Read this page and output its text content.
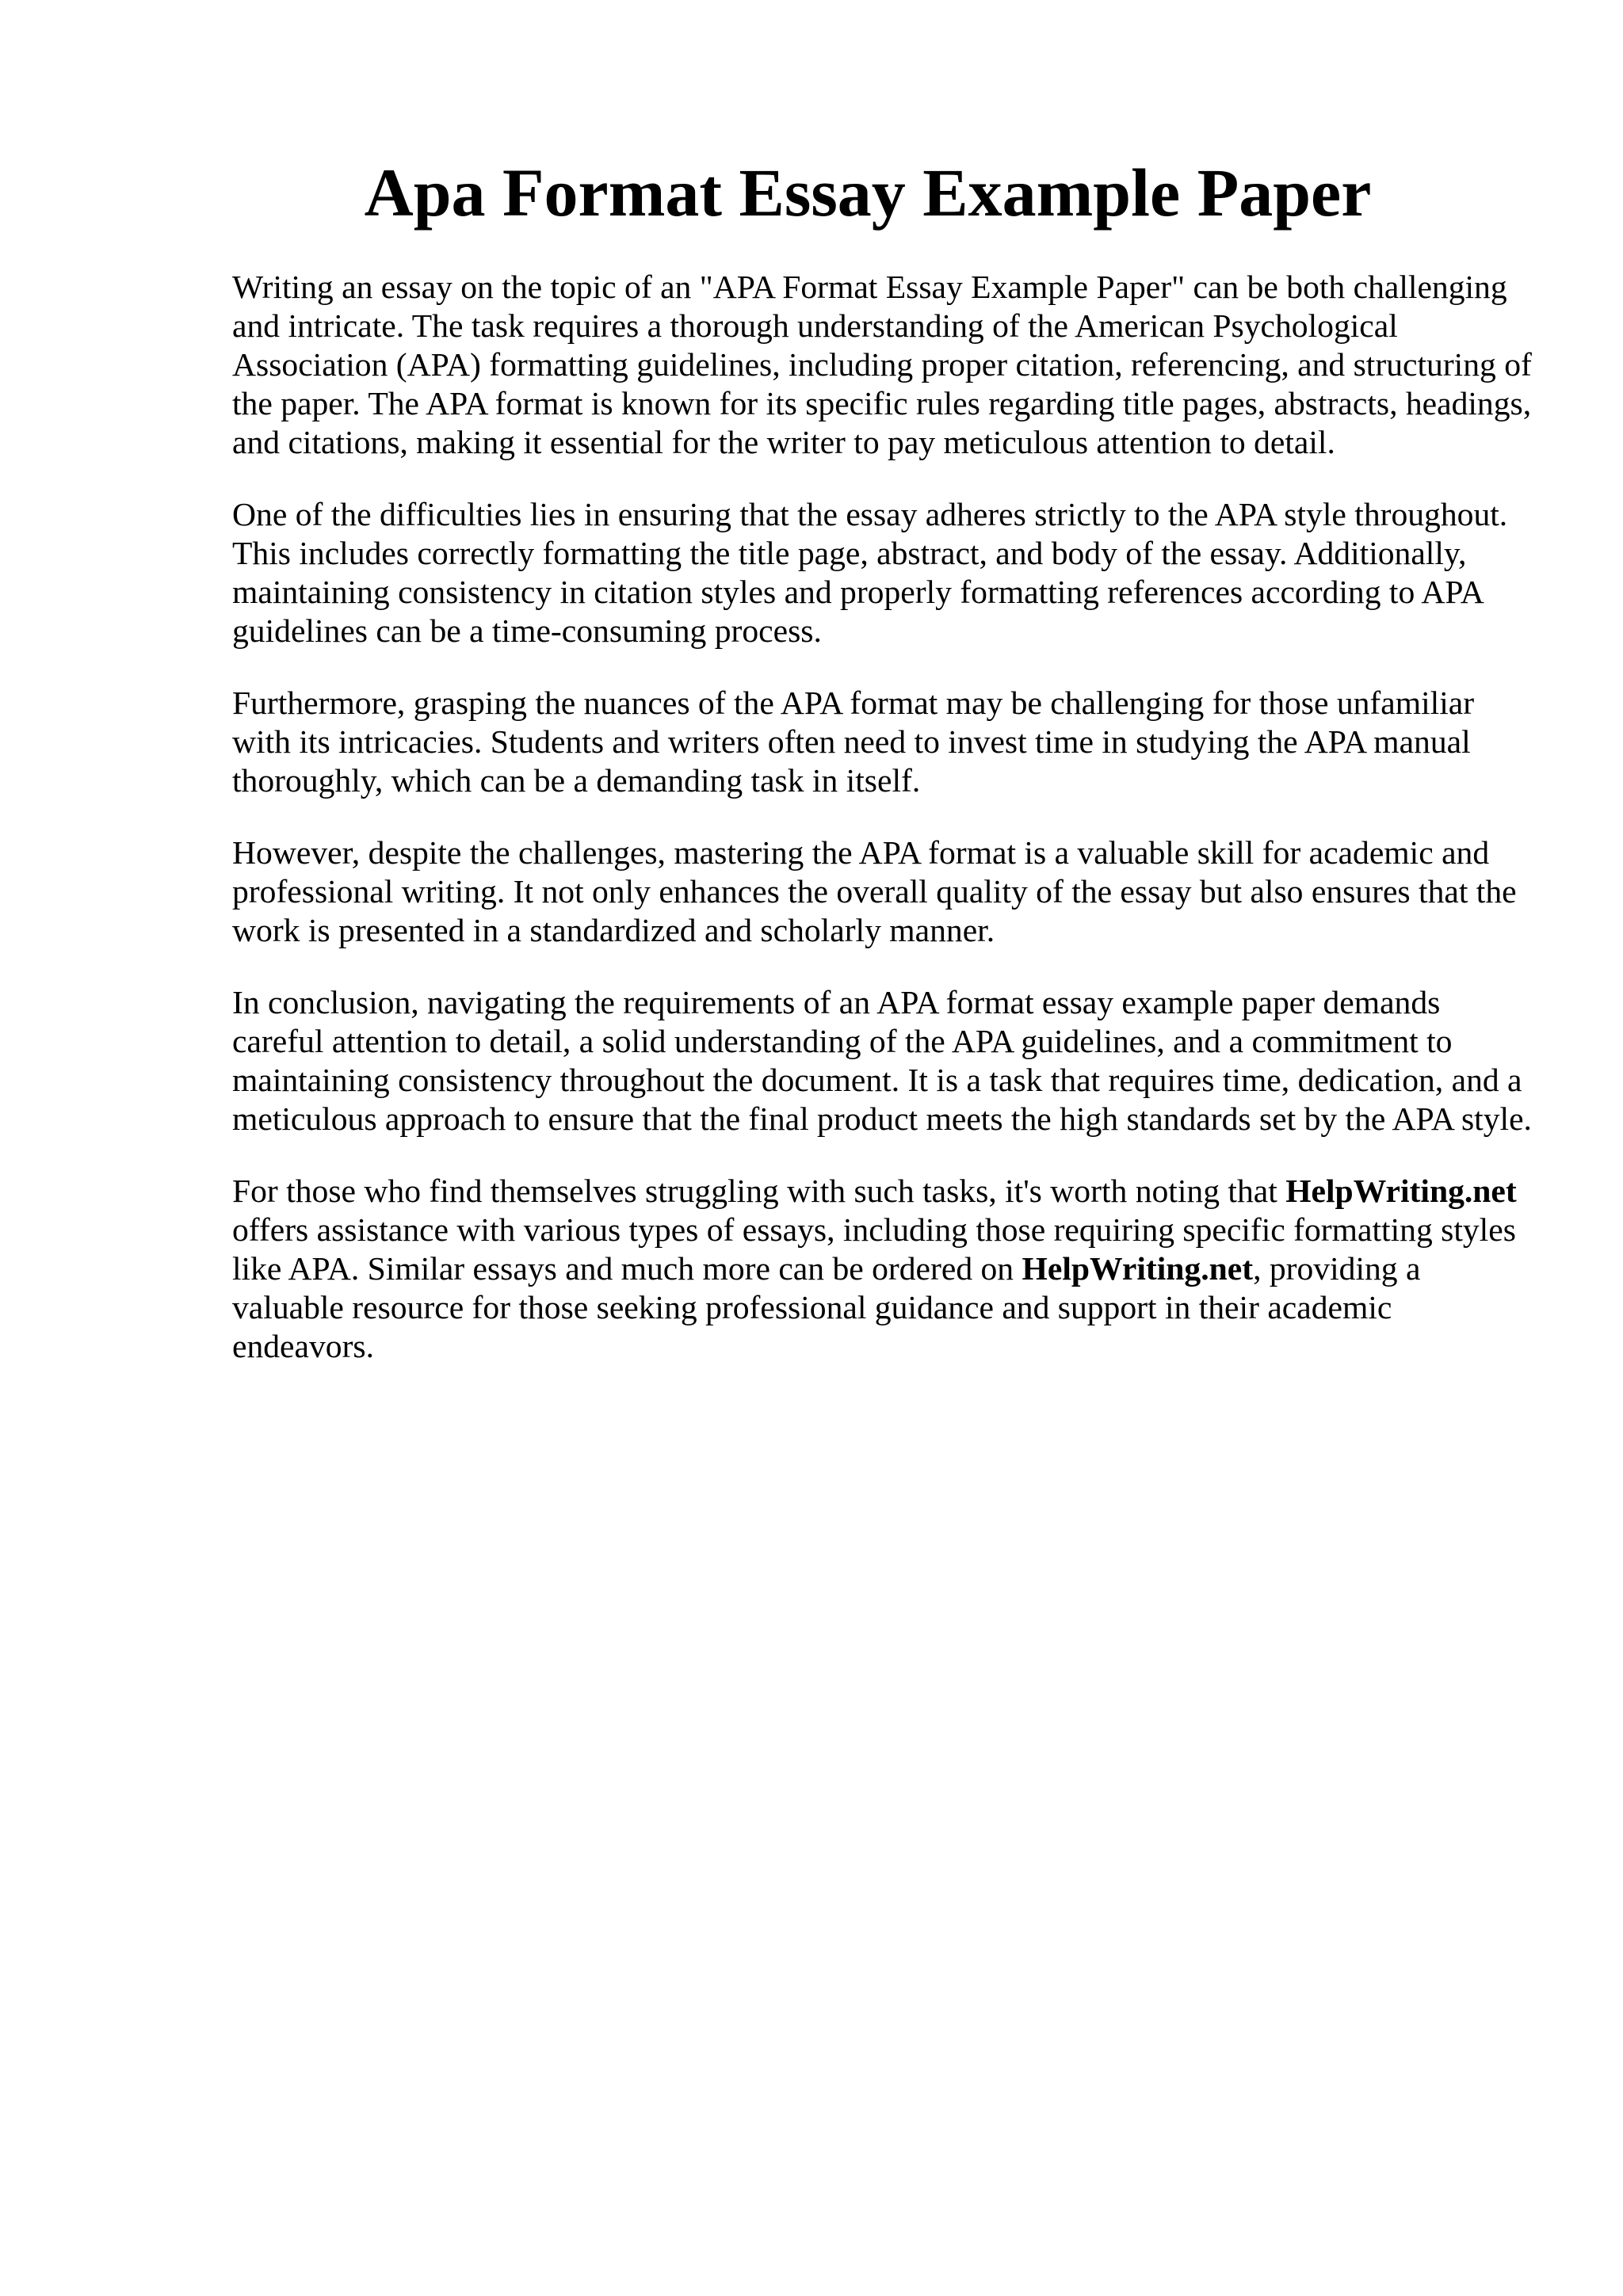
Apa Format Essay Example Paper

Writing an essay on the topic of an "APA Format Essay Example Paper" can be both challenging and intricate. The task requires a thorough understanding of the American Psychological Association (APA) formatting guidelines, including proper citation, referencing, and structuring of the paper. The APA format is known for its specific rules regarding title pages, abstracts, headings, and citations, making it essential for the writer to pay meticulous attention to detail.

One of the difficulties lies in ensuring that the essay adheres strictly to the APA style throughout. This includes correctly formatting the title page, abstract, and body of the essay. Additionally, maintaining consistency in citation styles and properly formatting references according to APA guidelines can be a time-consuming process.

Furthermore, grasping the nuances of the APA format may be challenging for those unfamiliar with its intricacies. Students and writers often need to invest time in studying the APA manual thoroughly, which can be a demanding task in itself.

However, despite the challenges, mastering the APA format is a valuable skill for academic and professional writing. It not only enhances the overall quality of the essay but also ensures that the work is presented in a standardized and scholarly manner.

In conclusion, navigating the requirements of an APA format essay example paper demands careful attention to detail, a solid understanding of the APA guidelines, and a commitment to maintaining consistency throughout the document. It is a task that requires time, dedication, and a meticulous approach to ensure that the final product meets the high standards set by the APA style.

For those who find themselves struggling with such tasks, it's worth noting that HelpWriting.net offers assistance with various types of essays, including those requiring specific formatting styles like APA. Similar essays and much more can be ordered on HelpWriting.net, providing a valuable resource for those seeking professional guidance and support in their academic endeavors.
